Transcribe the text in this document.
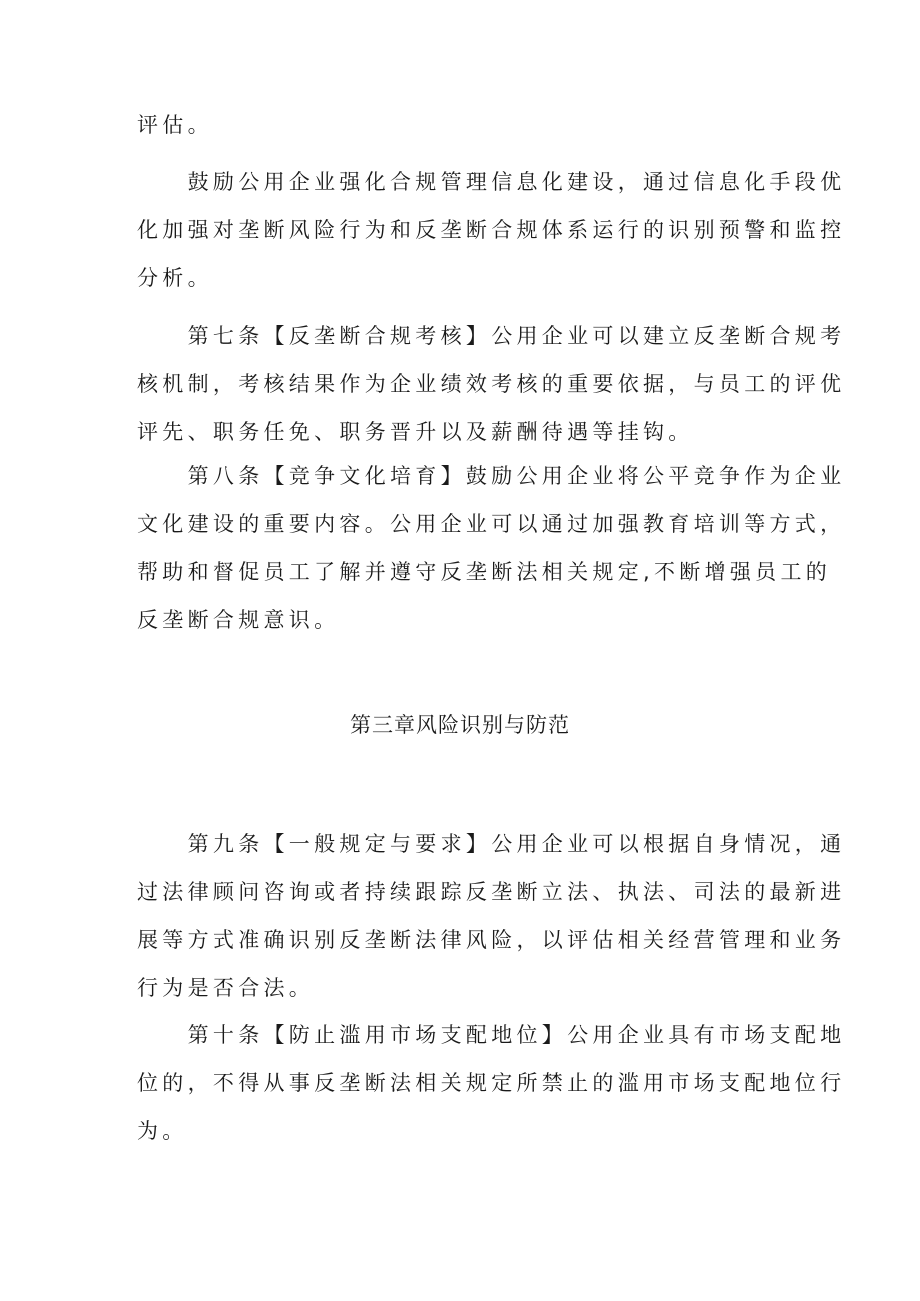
评估。
　　鼓励公用企业强化合规管理信息化建设，通过信息化手段优
化加强对垄断风险行为和反垄断合规体系运行的识别预警和监控
分析。
　　第七条【反垄断合规考核】公用企业可以建立反垄断合规考
核机制，考核结果作为企业绩效考核的重要依据，与员工的评优
评先、职务任免、职务晋升以及薪酬待遇等挂钩。
　　第八条【竞争文化培育】鼓励公用企业将公平竞争作为企业
文化建设的重要内容。公用企业可以通过加强教育培训等方式，
帮助和督促员工了解并遵守反垄断法相关规定,不断增强员工的
反垄断合规意识。
第三章风险识别与防范
　　第九条【一般规定与要求】公用企业可以根据自身情况，通
过法律顾问咨询或者持续跟踪反垄断立法、执法、司法的最新进
展等方式准确识别反垄断法律风险，以评估相关经营管理和业务
行为是否合法。
　　第十条【防止滥用市场支配地位】公用企业具有市场支配地
位的，不得从事反垄断法相关规定所禁止的滥用市场支配地位行
为。
